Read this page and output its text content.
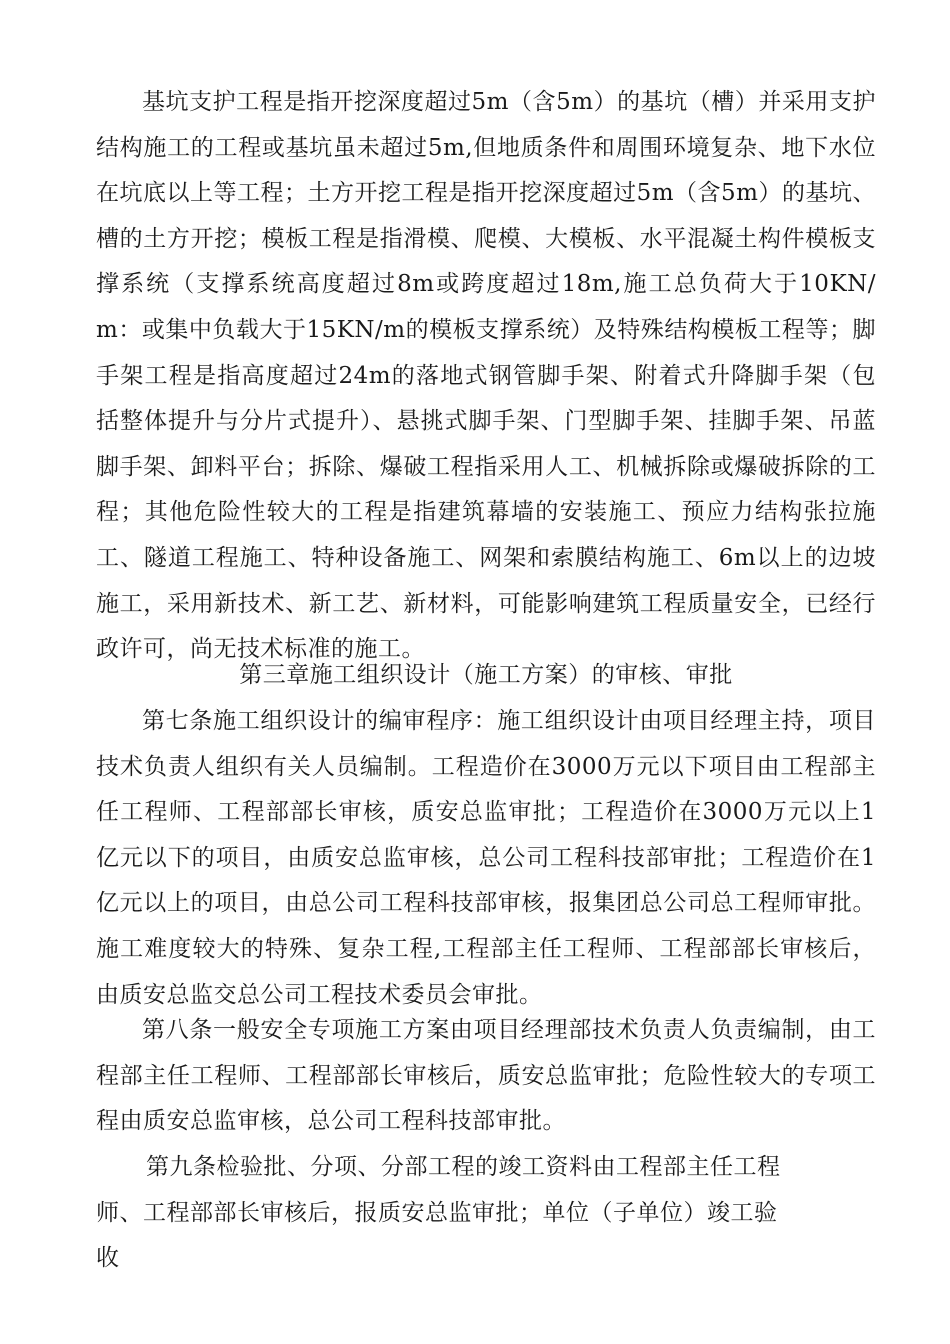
基坑支护工程是指开挖深度超过5m（含5m）的基坑（槽）并采用支护结构施工的工程或基坑虽未超过5m,但地质条件和周围环境复杂、地下水位在坑底以上等工程；土方开挖工程是指开挖深度超过5m（含5m）的基坑、槽的土方开挖；模板工程是指滑模、爬模、大模板、水平混凝土构件模板支撑系统（支撑系统高度超过8m或跨度超过18m,施工总负荷大于10KN/m：或集中负载大于15KN/m的模板支撑系统）及特殊结构模板工程等；脚手架工程是指高度超过24m的落地式钢管脚手架、附着式升降脚手架（包括整体提升与分片式提升）、悬挑式脚手架、门型脚手架、挂脚手架、吊蓝脚手架、卸料平台；拆除、爆破工程指采用人工、机械拆除或爆破拆除的工程；其他危险性较大的工程是指建筑幕墙的安装施工、预应力结构张拉施工、隧道工程施工、特种设备施工、网架和索膜结构施工、6m以上的边坡施工，采用新技术、新工艺、新材料，可能影响建筑工程质量安全，已经行政许可，尚无技术标准的施工。

第三章施工组织设计（施工方案）的审核、审批

第七条施工组织设计的编审程序：施工组织设计由项目经理主持，项目技术负责人组织有关人员编制。工程造价在3000万元以下项目由工程部主任工程师、工程部部长审核，质安总监审批；工程造价在3000万元以上1亿元以下的项目，由质安总监审核，总公司工程科技部审批；工程造价在1亿元以上的项目，由总公司工程科技部审核，报集团总公司总工程师审批。施工难度较大的特殊、复杂工程,工程部主任工程师、工程部部长审核后，由质安总监交总公司工程技术委员会审批。

第八条一般安全专项施工方案由项目经理部技术负责人负责编制，由工程部主任工程师、工程部部长审核后，质安总监审批；危险性较大的专项工程由质安总监审核，总公司工程科技部审批。

第九条检验批、分项、分部工程的竣工资料由工程部主任工程师、工程部部长审核后，报质安总监审批；单位（子单位）竣工验收
